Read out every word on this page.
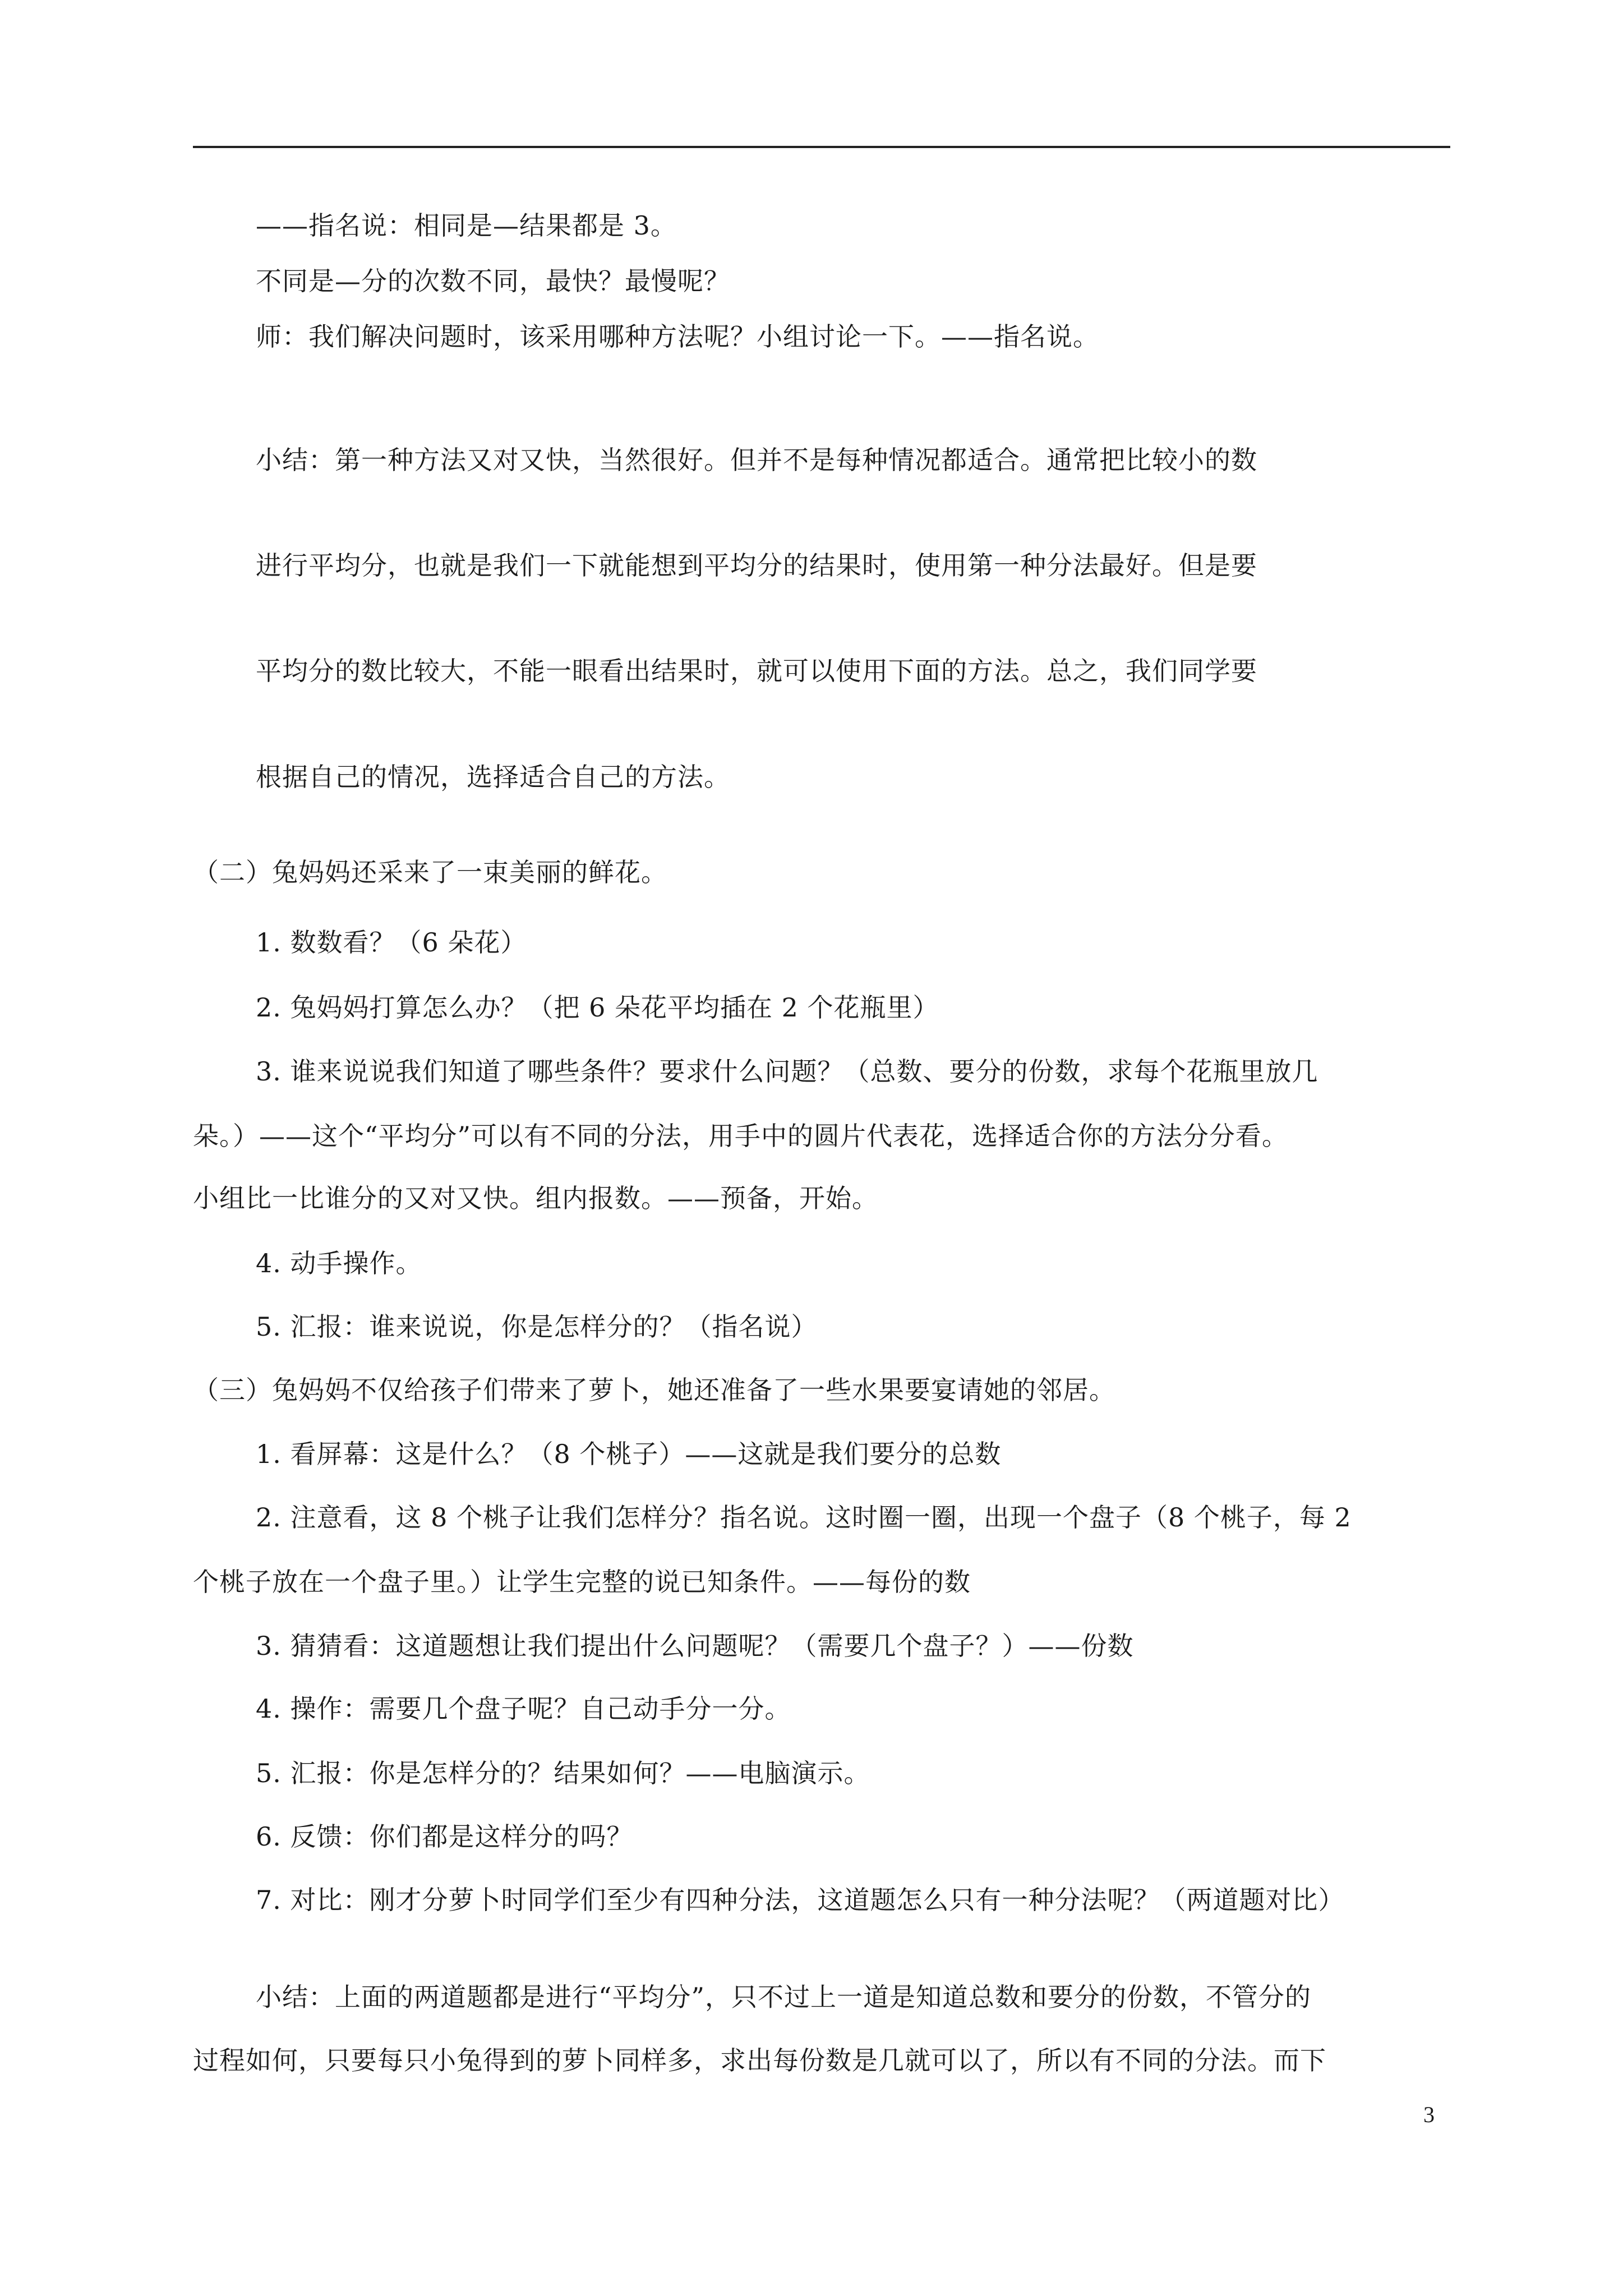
——指名说：相同是—结果都是 3。
不同是—分的次数不同，最快？最慢呢？
师：我们解决问题时，该采用哪种方法呢？小组讨论一下。——指名说。
小结：第一种方法又对又快，当然很好。但并不是每种情况都适合。通常把比较小的数
进行平均分，也就是我们一下就能想到平均分的结果时，使用第一种分法最好。但是要
平均分的数比较大，不能一眼看出结果时，就可以使用下面的方法。总之，我们同学要
根据自己的情况，选择适合自己的方法。
（二）兔妈妈还采来了一束美丽的鲜花。
1. 数数看？（6 朵花）
2. 兔妈妈打算怎么办？（把 6 朵花平均插在 2 个花瓶里）
3. 谁来说说我们知道了哪些条件？要求什么问题？（总数、要分的份数，求每个花瓶里放几
朵。）——这个“平均分”可以有不同的分法，用手中的圆片代表花，选择适合你的方法分分看。
小组比一比谁分的又对又快。组内报数。——预备，开始。
4. 动手操作。
5. 汇报：谁来说说，你是怎样分的？（指名说）
（三）兔妈妈不仅给孩子们带来了萝卜，她还准备了一些水果要宴请她的邻居。
1. 看屏幕：这是什么？（8 个桃子）——这就是我们要分的总数
2. 注意看，这 8 个桃子让我们怎样分？指名说。这时圈一圈，出现一个盘子（8 个桃子，每 2
个桃子放在一个盘子里。）让学生完整的说已知条件。——每份的数
3. 猜猜看：这道题想让我们提出什么问题呢？（需要几个盘子？）——份数
4. 操作：需要几个盘子呢？自己动手分一分。
5. 汇报：你是怎样分的？结果如何？——电脑演示。
6. 反馈：你们都是这样分的吗？
7. 对比：刚才分萝卜时同学们至少有四种分法，这道题怎么只有一种分法呢？（两道题对比）
小结：上面的两道题都是进行“平均分”，只不过上一道是知道总数和要分的份数，不管分的
过程如何，只要每只小兔得到的萝卜同样多，求出每份数是几就可以了，所以有不同的分法。而下
3
